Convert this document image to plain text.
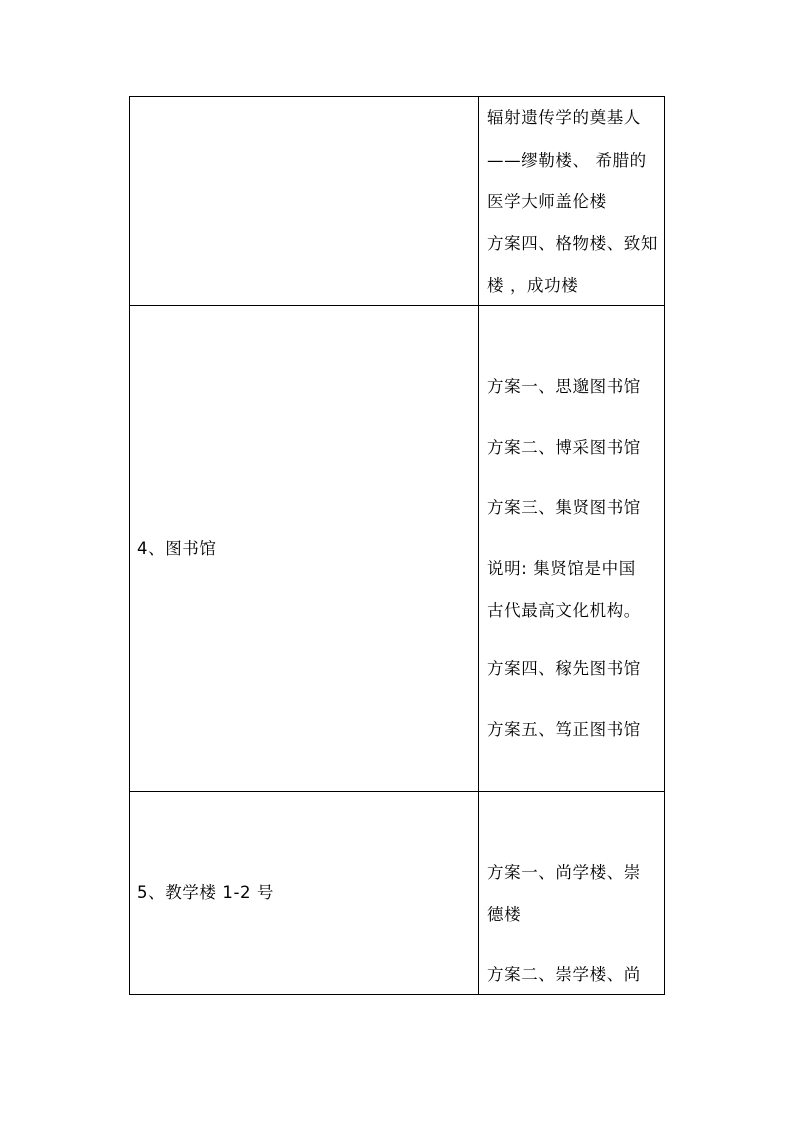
辐射遗传学的奠基人
——缪勒楼、 希腊的
医学大师盖伦楼
方案四、格物楼、致知
楼 ，成功楼
4、图书馆
方案一、思邈图书馆
方案二、博采图书馆
方案三、集贤图书馆
说明: 集贤馆是中国
古代最高文化机构。
方案四、稼先图书馆
方案五、笃正图书馆
5、教学楼 1-2 号
方案一、尚学楼、崇
德楼
方案二、崇学楼、尚
